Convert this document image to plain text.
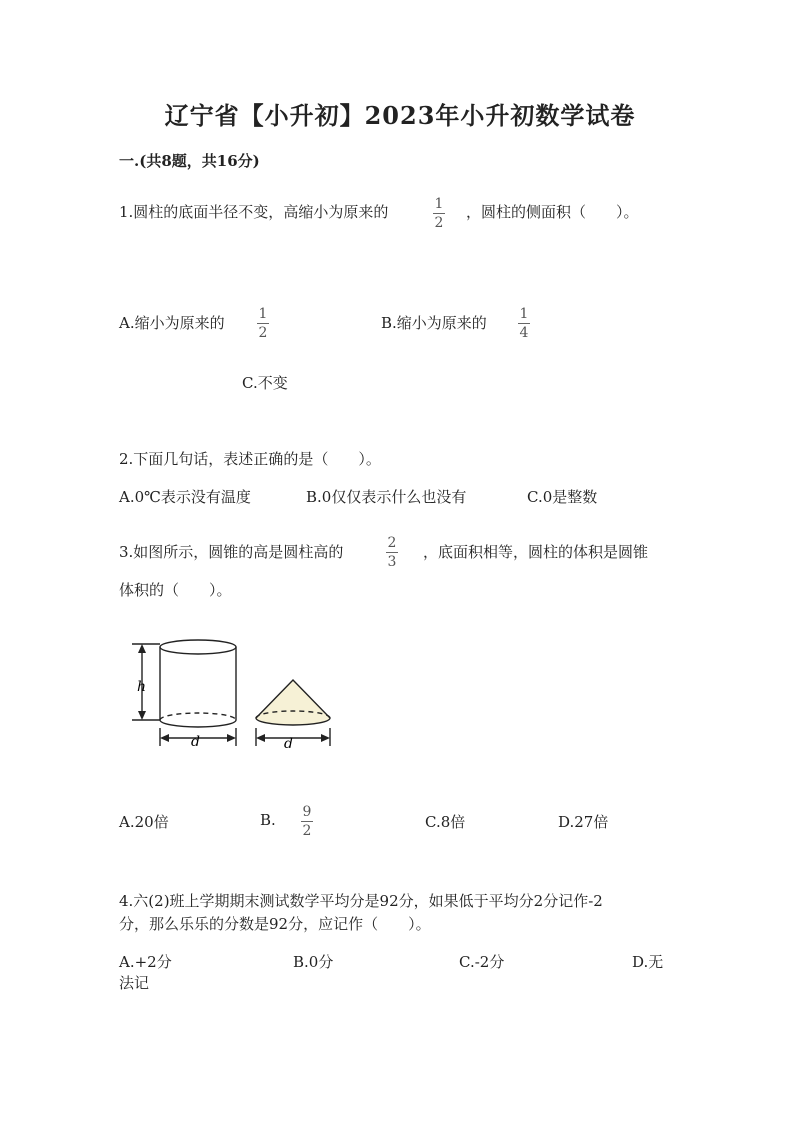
辽宁省【小升初】2023年小升初数学试卷
一.(共8题，共16分)
1.圆柱的底面半径不变，高缩小为原来的	1
2
，圆柱的侧面积（　　）。
A.缩小为原来的 1
2
B.缩小为原来的 1
4
C.不变
2.下面几句话，表述正确的是（　　）。
A.0℃表示没有温度	B.0仅仅表示什么也没有	C.0是整数
3.如图所示，圆锥的高是圆柱高的	2
3
，底面积相等，圆柱的体积是圆锥
体积的（　　）。
h
d	d
A.20倍	B. 9
2	C.8倍	D.27倍
4.六(2)班上学期期末测试数学平均分是92分，如果低于平均分2分记作-2
分，那么乐乐的分数是92分，应记作（　　）。
A.+2分	B.0分	C.-2分	D.无
法记
